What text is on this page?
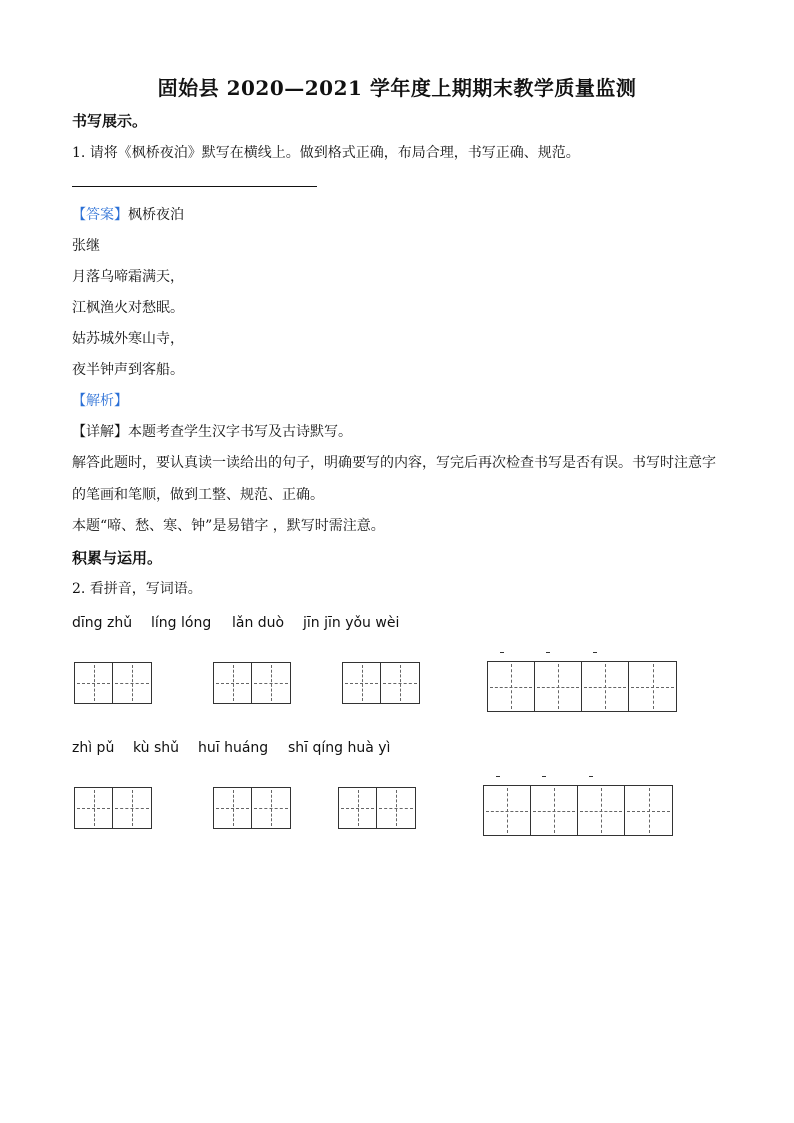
固始县 2020—2021 学年度上期期末教学质量监测
书写展示。
1. 请将《枫桥夜泊》默写在横线上。做到格式正确，布局合理，书写正确、规范。
【答案】枫桥夜泊
张继
月落乌啼霜满天，
江枫渔火对愁眠。
姑苏城外寒山寺，
夜半钟声到客船。
【解析】
【详解】本题考查学生汉字书写及古诗默写。
解答此题时，要认真读一读给出的句子，明确要写的内容，写完后再次检查书写是否有误。书写时注意字
的笔画和笔顺，做到工整、规范、正确。
本题“啼、愁、寒、钟”是易错字 ，默写时需注意。
积累与运用。
2. 看拼音，写词语。
dīng zhǔ líng lóng lǎn duò jīn jīn yǒu wèi
zhì pǔ kù shǔ huī huáng shī qíng huà yì
